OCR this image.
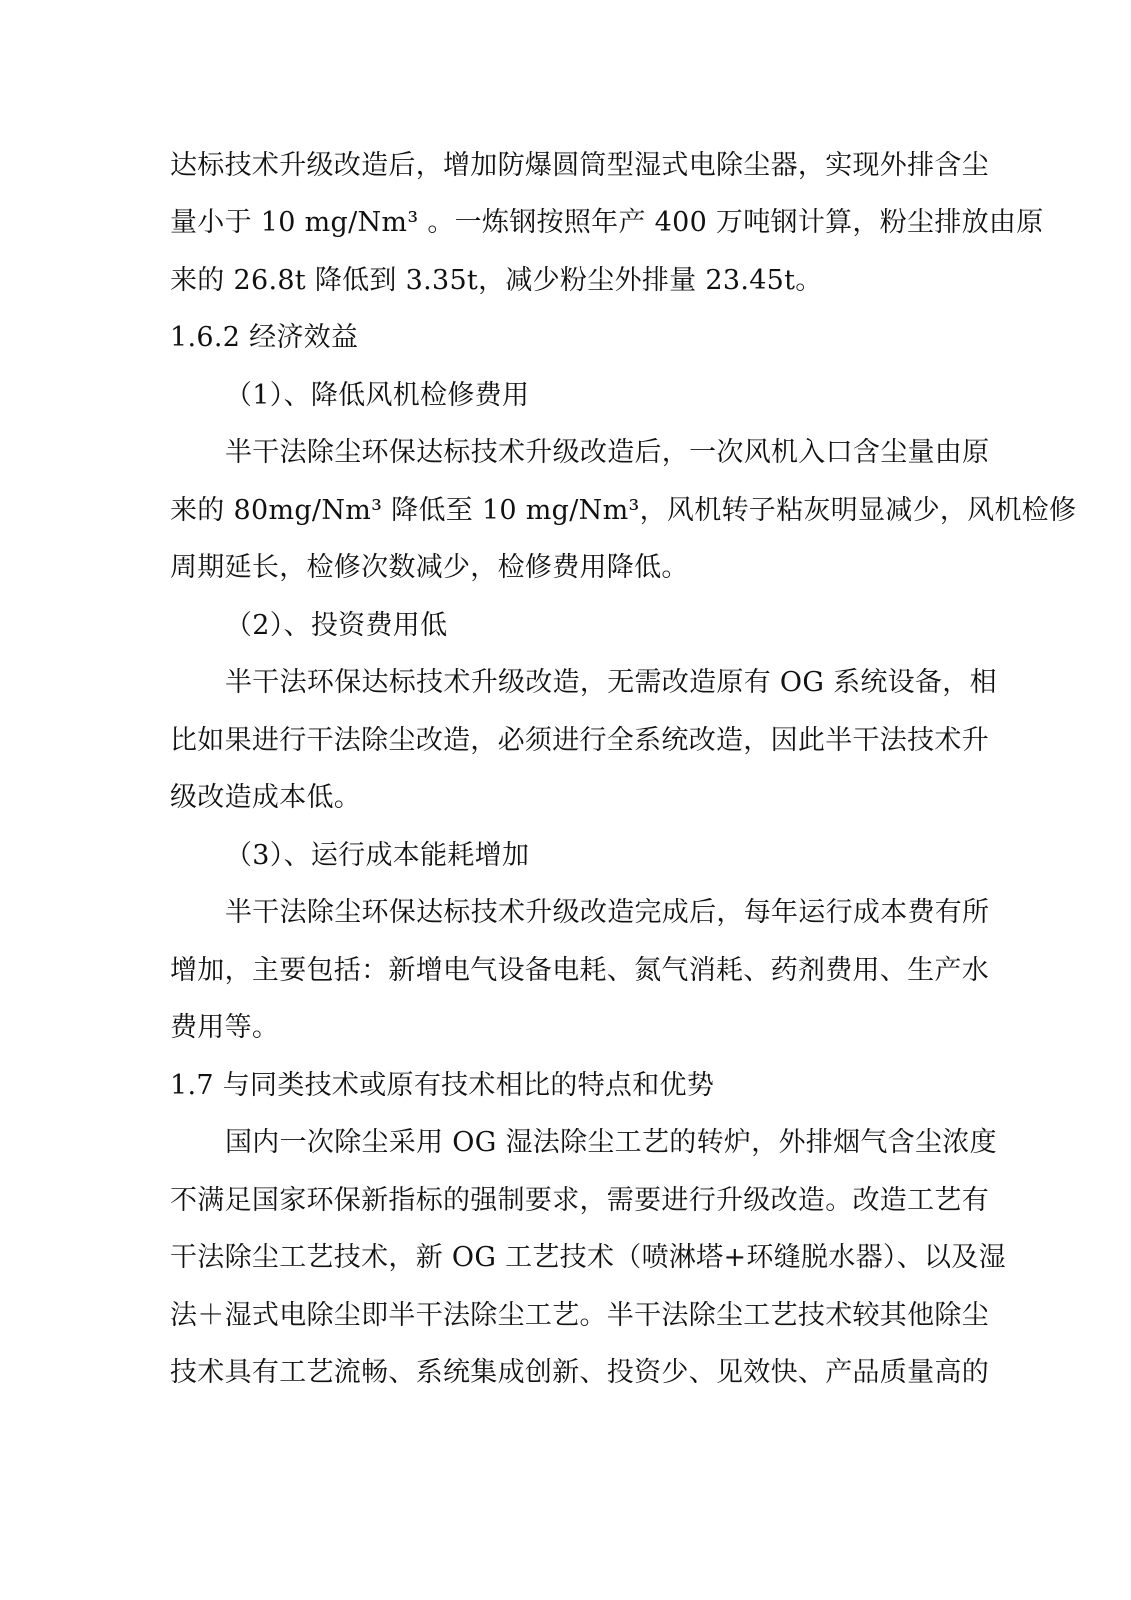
达标技术升级改造后，增加防爆圆筒型湿式电除尘器，实现外排含尘
量小于 10 mg/Nm³ 。一炼钢按照年产 400 万吨钢计算，粉尘排放由原
来的 26.8t 降低到 3.35t，减少粉尘外排量 23.45t。
1.6.2 经济效益
（1）、降低风机检修费用
半干法除尘环保达标技术升级改造后，一次风机入口含尘量由原
来的 80mg/Nm³ 降低至 10 mg/Nm³，风机转子粘灰明显减少，风机检修
周期延长，检修次数减少，检修费用降低。
（2）、投资费用低
半干法环保达标技术升级改造，无需改造原有 OG 系统设备，相
比如果进行干法除尘改造，必须进行全系统改造，因此半干法技术升
级改造成本低。
（3）、运行成本能耗增加
半干法除尘环保达标技术升级改造完成后，每年运行成本费有所
增加，主要包括：新增电气设备电耗、氮气消耗、药剂费用、生产水
费用等。
1.7 与同类技术或原有技术相比的特点和优势
国内一次除尘采用 OG 湿法除尘工艺的转炉，外排烟气含尘浓度
不满足国家环保新指标的强制要求，需要进行升级改造。改造工艺有
干法除尘工艺技术，新 OG 工艺技术（喷淋塔+环缝脱水器）、以及湿
法＋湿式电除尘即半干法除尘工艺。半干法除尘工艺技术较其他除尘
技术具有工艺流畅、系统集成创新、投资少、见效快、产品质量高的
